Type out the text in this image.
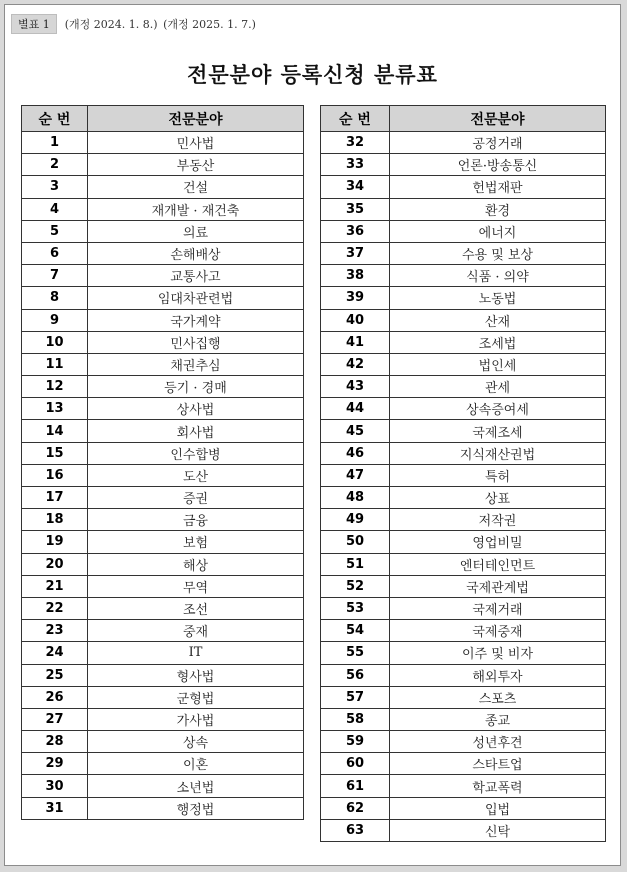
별표 1	(개정 2024. 1. 8.) (개정 2025. 1. 7.)
전문분야 등록신청 분류표
순 번	전문분야
1	민사법
2	부동산
3	건설
4	재개발 · 재건축
5	의료
6	손해배상
7	교통사고
8	임대차관련법
9	국가계약
10	민사집행
11	채권추심
12	등기 · 경매
13	상사법
14	회사법
15	인수합병
16	도산
17	증권
18	금융
19	보험
20	해상
21	무역
22	조선
23	중재
24	IT
25	형사법
26	군형법
27	가사법
28	상속
29	이혼
30	소년법
31	행정법
순 번	전문분야
32	공정거래
33	언론·방송통신
34	헌법재판
35	환경
36	에너지
37	수용 및 보상
38	식품 · 의약
39	노동법
40	산재
41	조세법
42	법인세
43	관세
44	상속증여세
45	국제조세
46	지식재산권법
47	특허
48	상표
49	저작권
50	영업비밀
51	엔터테인먼트
52	국제관계법
53	국제거래
54	국제중재
55	이주 및 비자
56	해외투자
57	스포츠
58	종교
59	성년후견
60	스타트업
61	학교폭력
62	입법
63	신탁
